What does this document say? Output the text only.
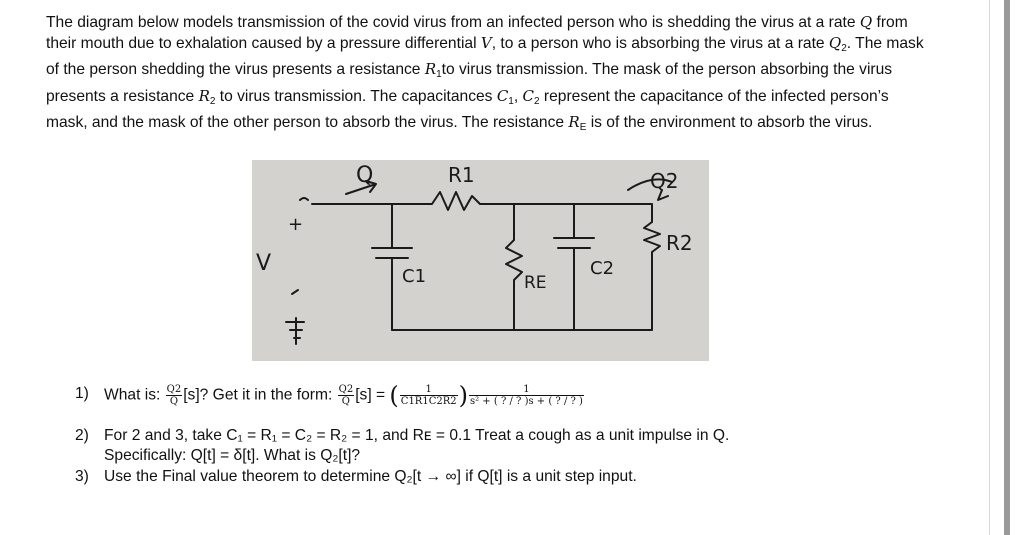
The diagram below models transmission of the covid virus from an infected person who is shedding the virus at a rate Q from their mouth due to exhalation caused by a pressure differential V, to a person who is absorbing the virus at a rate $Q_2$. The mask of the person shedding the virus presents a resistance $R_1to$ virus transmission. The mask of the person absorbing the virus presents a resistance $R_2$ to virus transmission. The capacitances $C_1$, $C_2$ represent the capacitance of the infected person’s mask, and the mask of the other person to absorb the virus. The resistance $R_E$ is of the environment to absorb the virus.

Q	R1	Q2
R2
V
C1	RE
C2
+
1) What is: $\frac{Q2}{Q} [s]$? Get it in the form: $\frac{Q2}{Q} [s]$ = ( $\frac{1}{C1R1C2R2}$ ) $\frac{1}{\text{s² + ( ? / ? )s + ( ? / ? )}}$
2) For 2 and 3, take C₁ = R₁ = C₂ = R₂ = 1, and Rᴇ = 0.1 Treat a cough as a unit impulse in Q.
Specifically: Q[t] = δ[t]. What is Q₂[t]?
3) Use the Final value theorem to determine Q₂[t → ∞] if Q[t] is a unit step input.
